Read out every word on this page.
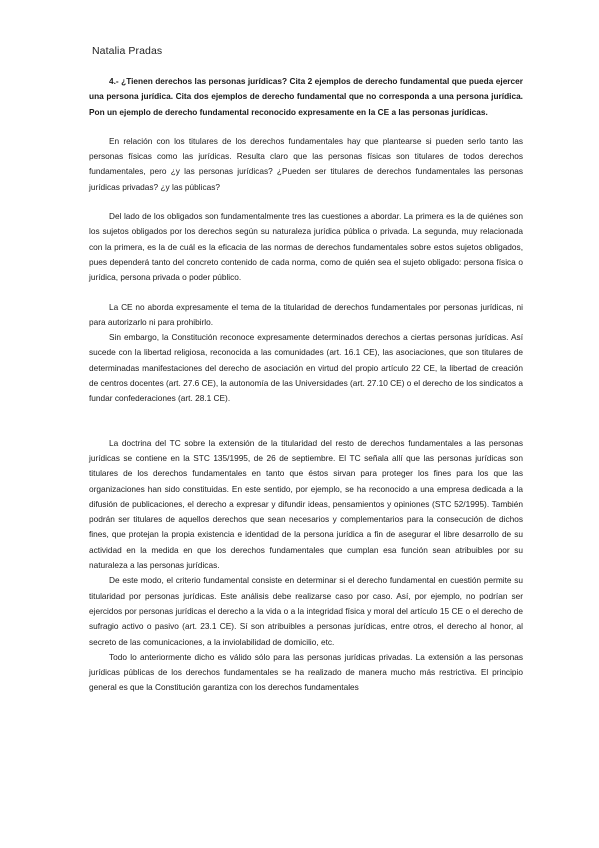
Natalia Pradas

4.- ¿Tienen derechos las personas jurídicas? Cita 2 ejemplos de derecho fundamental que pueda ejercer una persona jurídica. Cita dos ejemplos de derecho fundamental que no corresponda a una persona jurídica. Pon un ejemplo de derecho fundamental reconocido expresamente en la CE a las personas jurídicas.

En relación con los titulares de los derechos fundamentales hay que plantearse si pueden serlo tanto las personas físicas como las jurídicas. Resulta claro que las personas físicas son titulares de todos derechos fundamentales, pero ¿y las personas jurídicas? ¿Pueden ser titulares de derechos fundamentales las personas jurídicas privadas? ¿y las públicas?

Del lado de los obligados son fundamentalmente tres las cuestiones a abordar. La primera es la de quiénes son los sujetos obligados por los derechos según su naturaleza jurídica pública o privada. La segunda, muy relacionada con la primera, es la de cuál es la eficacia de las normas de derechos fundamentales sobre estos sujetos obligados, pues dependerá tanto del concreto contenido de cada norma, como de quién sea el sujeto obligado: persona física o jurídica, persona privada o poder público.

La CE no aborda expresamente el tema de la titularidad de derechos fundamentales por personas jurídicas, ni para autorizarlo ni para prohibirlo.

Sin embargo, la Constitución reconoce expresamente determinados derechos a ciertas personas jurídicas. Así sucede con la libertad religiosa, reconocida a las comunidades (art. 16.1 CE), las asociaciones, que son titulares de determinadas manifestaciones del derecho de asociación en virtud del propio artículo 22 CE, la libertad de creación de centros docentes (art. 27.6 CE), la autonomía de las Universidades (art. 27.10 CE) o el derecho de los sindicatos a fundar confederaciones (art. 28.1 CE).

La doctrina del TC sobre la extensión de la titularidad del resto de derechos fundamentales a las personas jurídicas se contiene en la STC 135/1995, de 26 de septiembre. El TC señala allí que las personas jurídicas son titulares de los derechos fundamentales en tanto que éstos sirvan para proteger los fines para los que las organizaciones han sido constituidas. En este sentido, por ejemplo, se ha reconocido a una empresa dedicada a la difusión de publicaciones, el derecho a expresar y difundir ideas, pensamientos y opiniones (STC 52/1995). También podrán ser titulares de aquellos derechos que sean necesarios y complementarios para la consecución de dichos fines, que protejan la propia existencia e identidad de la persona jurídica a fin de asegurar el libre desarrollo de su actividad en la medida en que los derechos fundamentales que cumplan esa función sean atribuibles por su naturaleza a las personas jurídicas.

De este modo, el criterio fundamental consiste en determinar si el derecho fundamental en cuestión permite su titularidad por personas jurídicas. Este análisis debe realizarse caso por caso. Así, por ejemplo, no podrían ser ejercidos por personas jurídicas el derecho a la vida o a la integridad física y moral del artículo 15 CE o el derecho de sufragio activo o pasivo (art. 23.1 CE). Sí son atribuibles a personas jurídicas, entre otros, el derecho al honor, al secreto de las comunicaciones, a la inviolabilidad de domicilio, etc.

Todo lo anteriormente dicho es válido sólo para las personas jurídicas privadas. La extensión a las personas jurídicas públicas de los derechos fundamentales se ha realizado de manera mucho más restrictiva. El principio general es que la Constitución garantiza con los derechos fundamentales
